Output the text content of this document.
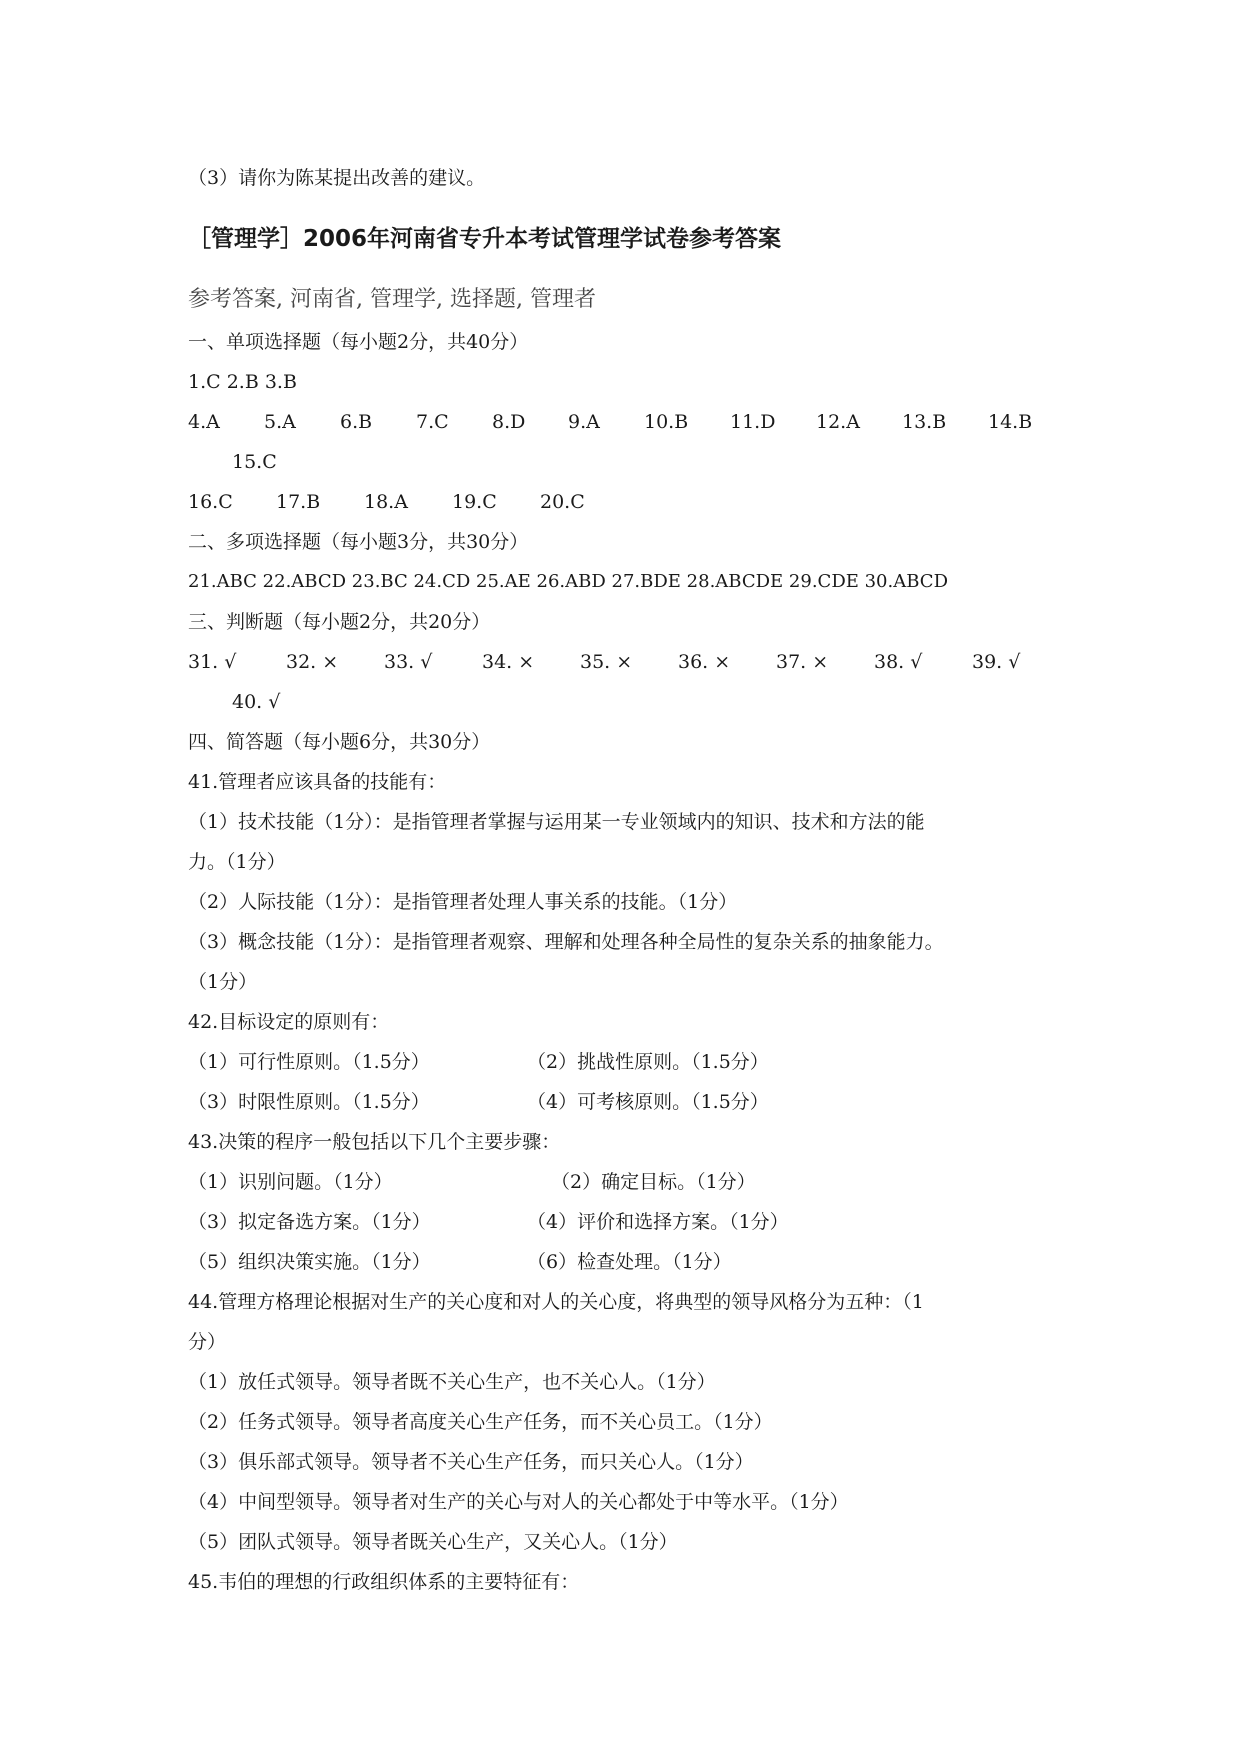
（3）请你为陈某提出改善的建议。
［管理学］2006年河南省专升本考试管理学试卷参考答案
参考答案, 河南省, 管理学, 选择题, 管理者
一、单项选择题（每小题2分，共40分）
1.C 2.B 3.B
4.A 5.A 6.B 7.C 8.D 9.A 10.B 11.D 12.A 13.B 14.B
15.C
16.C 17.B 18.A 19.C 20.C
二、多项选择题（每小题3分，共30分）
21.ABC 22.ABCD 23.BC 24.CD 25.AE 26.ABD 27.BDE 28.ABCDE 29.CDE 30.ABCD
三、判断题（每小题2分，共20分）
31. √	32. × 33. √	34. × 35. × 36. × 37. × 38. √	39. √
40. √
四、简答题（每小题6分，共30分）
41.管理者应该具备的技能有：
（1）技术技能（1分）：是指管理者掌握与运用某一专业领域内的知识、技术和方法的能
力。（1分）
（2）人际技能（1分）：是指管理者处理人事关系的技能。（1分）
（3）概念技能（1分）：是指管理者观察、理解和处理各种全局性的复杂关系的抽象能力。
（1分）
42.目标设定的原则有：
（1）可行性原则。（1.5分）	（2）挑战性原则。（1.5分）
（3）时限性原则。（1.5分）	（4）可考核原则。（1.5分）
43.决策的程序一般包括以下几个主要步骤：
（1）识别问题。（1分）	（2）确定目标。（1分）
（3）拟定备选方案。（1分）	（4）评价和选择方案。（1分）
（5）组织决策实施。（1分）	（6）检查处理。（1分）
44.管理方格理论根据对生产的关心度和对人的关心度，将典型的领导风格分为五种：（1
分）
（1）放任式领导。领导者既不关心生产，也不关心人。（1分）
（2）任务式领导。领导者高度关心生产任务，而不关心员工。（1分）
（3）俱乐部式领导。领导者不关心生产任务，而只关心人。（1分）
（4）中间型领导。领导者对生产的关心与对人的关心都处于中等水平。（1分）
（5）团队式领导。领导者既关心生产，又关心人。（1分）
45.韦伯的理想的行政组织体系的主要特征有：
